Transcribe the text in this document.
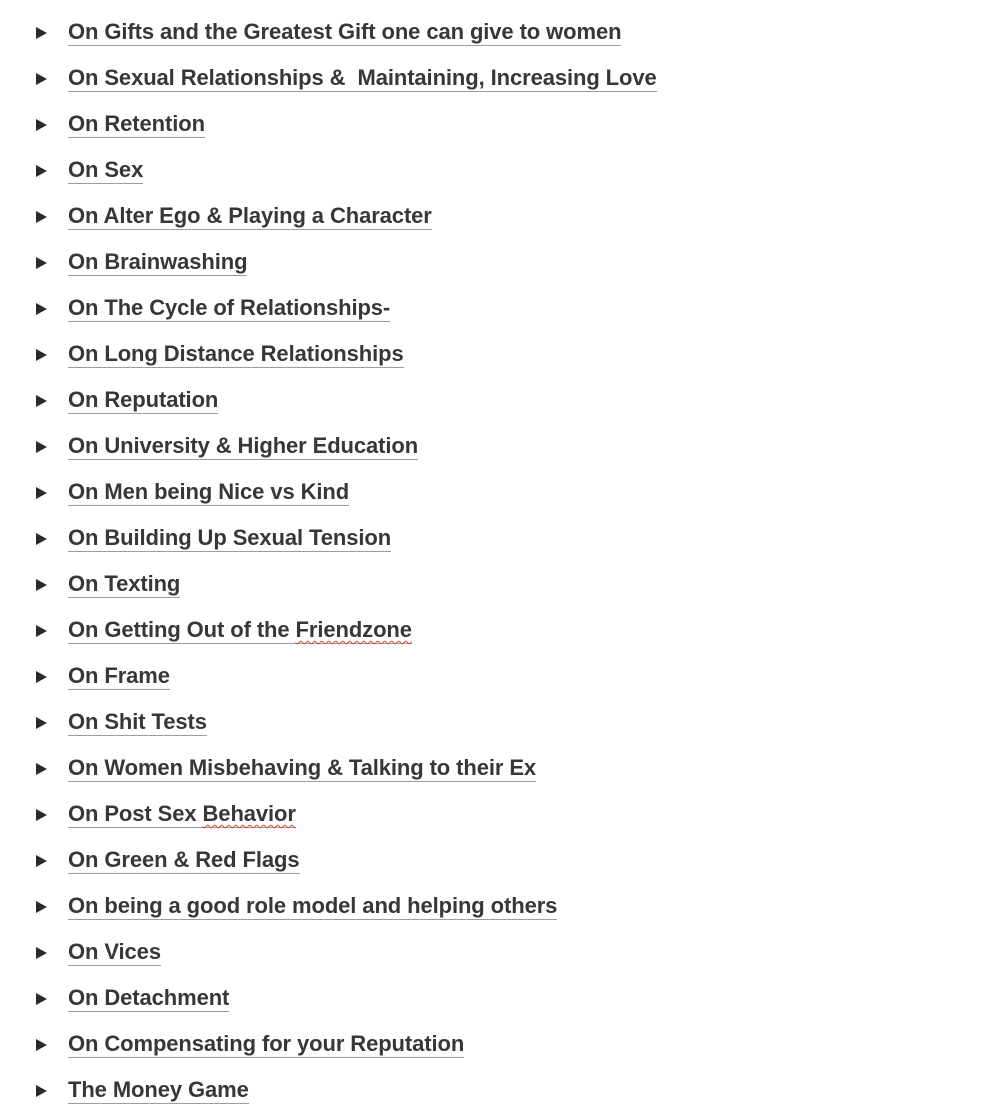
On Gifts and the Greatest Gift one can give to women
On Sexual Relationships &  Maintaining, Increasing Love
On Retention
On Sex
On Alter Ego & Playing a Character
On Brainwashing
On The Cycle of Relationships-
On Long Distance Relationships
On Reputation
On University & Higher Education
On Men being Nice vs Kind
On Building Up Sexual Tension
On Texting
On Getting Out of the Friendzone
On Frame
On Shit Tests
On Women Misbehaving & Talking to their Ex
On Post Sex Behavior
On Green & Red Flags
On being a good role model and helping others
On Vices
On Detachment
On Compensating for your Reputation
The Money Game
